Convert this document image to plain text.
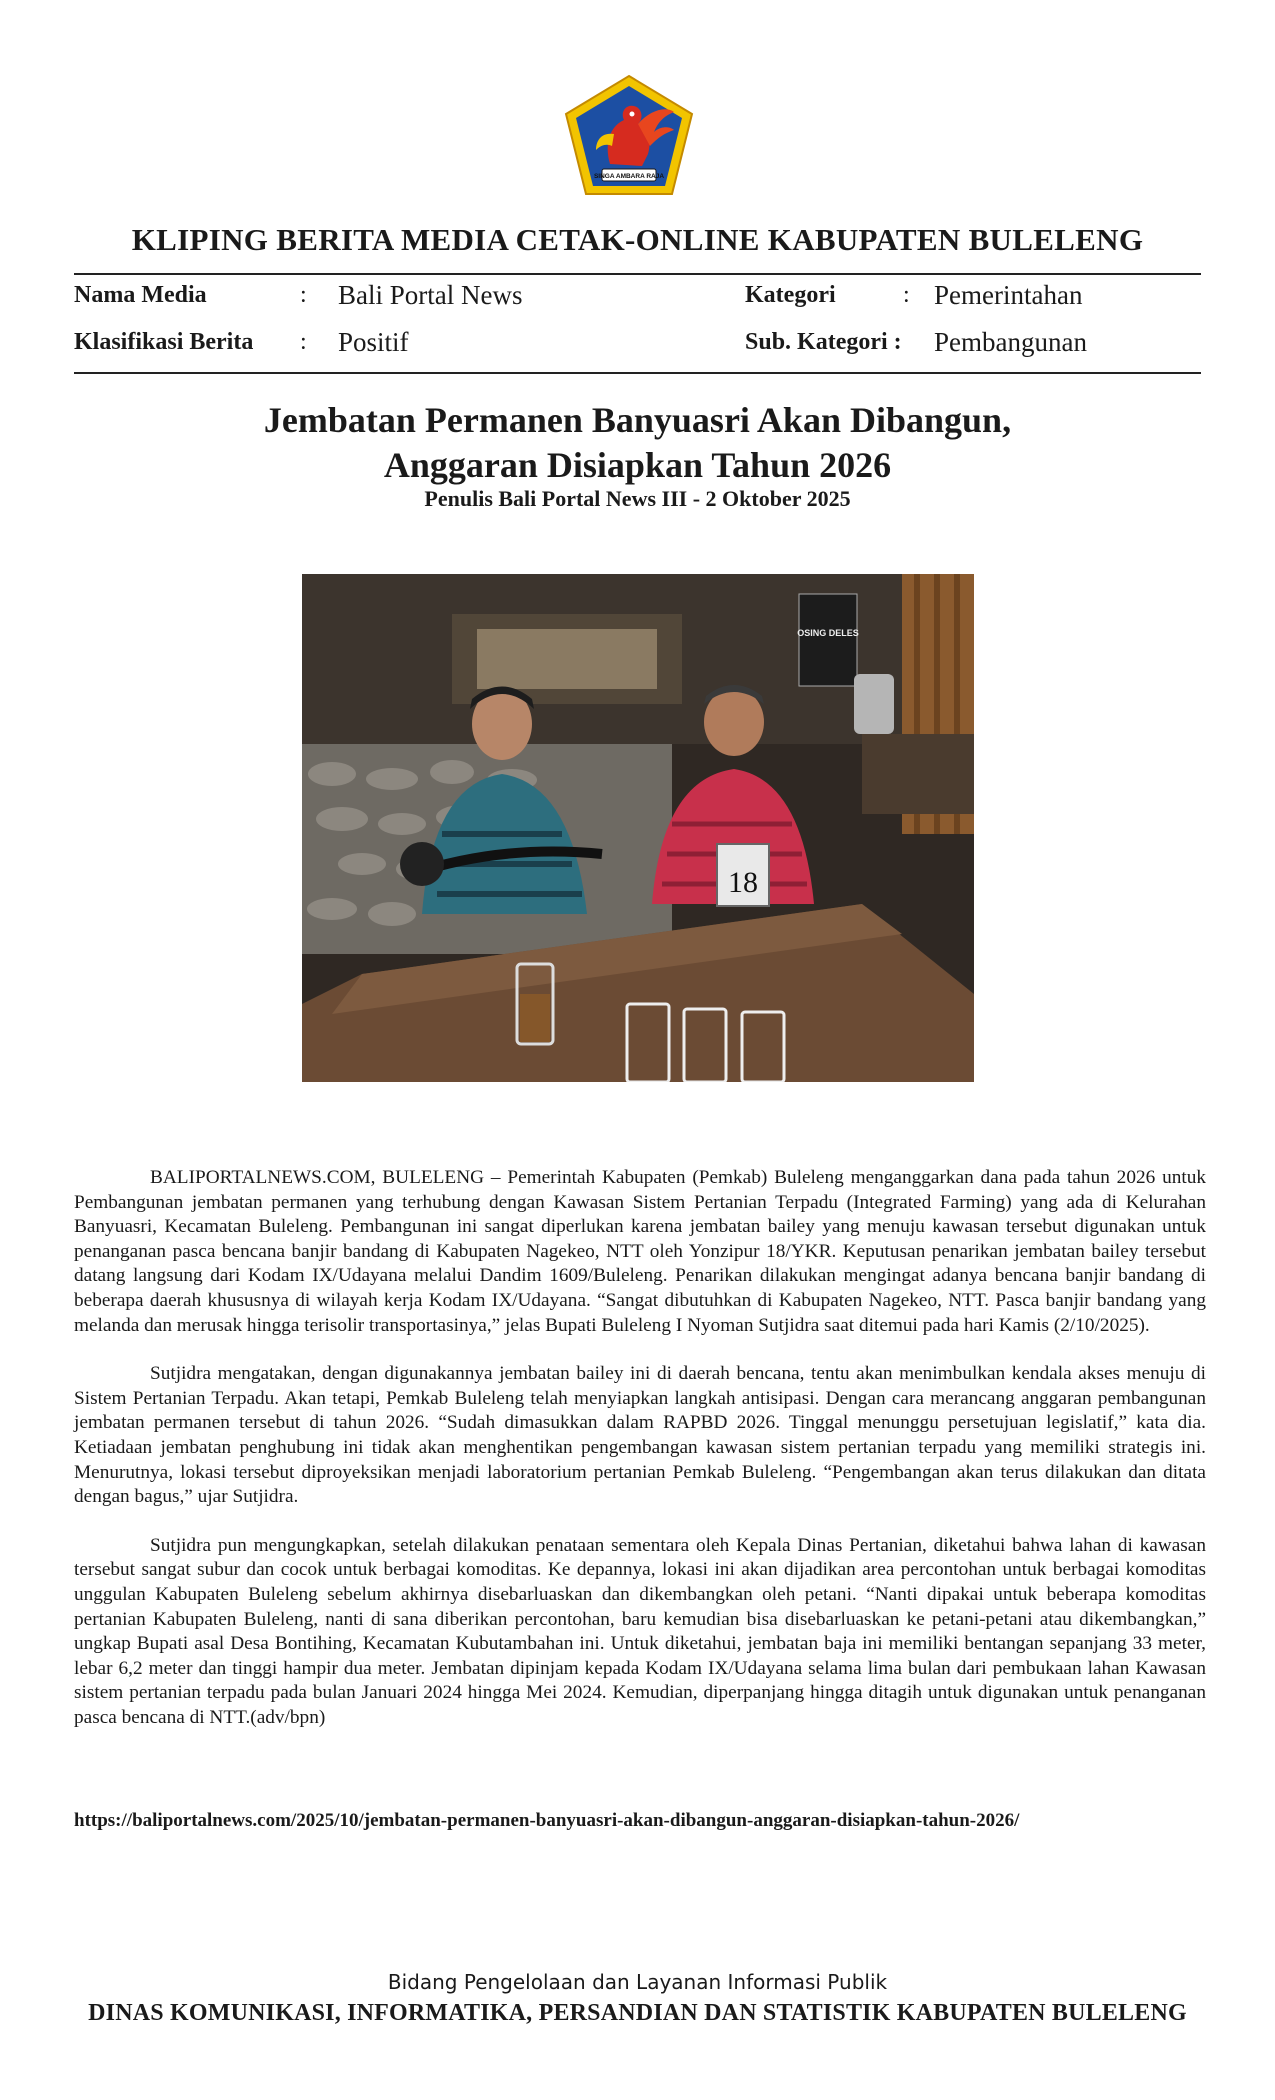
SINGA AMBARA RAJA
KLIPING BERITA MEDIA CETAK-ONLINE KABUPATEN BULELENG
Nama Media	: Bali Portal News	Kategori	: Pemerintahan
Klasifikasi Berita : Positif	Sub. Kategori : Pembangunan
Jembatan Permanen Banyuasri Akan Dibangun,
Anggaran Disiapkan Tahun 2026
Penulis Bali Portal News III - 2 Oktober 2025
OSING DELES
18

BALIPORTALNEWS.COM, BULELENG – Pemerintah Kabupaten (Pemkab) Buleleng menganggarkan dana pada tahun 2026 untuk Pembangunan jembatan permanen yang terhubung dengan Kawasan Sistem Pertanian Terpadu (Integrated Farming) yang ada di Kelurahan Banyuasri, Kecamatan Buleleng. Pembangunan ini sangat diperlukan karena jembatan bailey yang menuju kawasan tersebut digunakan untuk penanganan pasca bencana banjir bandang di Kabupaten Nagekeo, NTT oleh Yonzipur 18/YKR. Keputusan penarikan jembatan bailey tersebut datang langsung dari Kodam IX/Udayana melalui Dandim 1609/Buleleng. Penarikan dilakukan mengingat adanya bencana banjir bandang di beberapa daerah khususnya di wilayah kerja Kodam IX/Udayana. “Sangat dibutuhkan di Kabupaten Nagekeo, NTT. Pasca banjir bandang yang melanda dan merusak hingga terisolir transportasinya,” jelas Bupati Buleleng I Nyoman Sutjidra saat ditemui pada hari Kamis (2/10/2025).

Sutjidra mengatakan, dengan digunakannya jembatan bailey ini di daerah bencana, tentu akan menimbulkan kendala akses menuju di Sistem Pertanian Terpadu. Akan tetapi, Pemkab Buleleng telah menyiapkan langkah antisipasi. Dengan cara merancang anggaran pembangunan jembatan permanen tersebut di tahun 2026. “Sudah dimasukkan dalam RAPBD 2026. Tinggal menunggu persetujuan legislatif,” kata dia. Ketiadaan jembatan penghubung ini tidak akan menghentikan pengembangan kawasan sistem pertanian terpadu yang memiliki strategis ini. Menurutnya, lokasi tersebut diproyeksikan menjadi laboratorium pertanian Pemkab Buleleng. “Pengembangan akan terus dilakukan dan ditata dengan bagus,” ujar Sutjidra.

Sutjidra pun mengungkapkan, setelah dilakukan penataan sementara oleh Kepala Dinas Pertanian, diketahui bahwa lahan di kawasan tersebut sangat subur dan cocok untuk berbagai komoditas. Ke depannya, lokasi ini akan dijadikan area percontohan untuk berbagai komoditas unggulan Kabupaten Buleleng sebelum akhirnya disebarluaskan dan dikembangkan oleh petani. “Nanti dipakai untuk beberapa komoditas pertanian Kabupaten Buleleng, nanti di sana diberikan percontohan, baru kemudian bisa disebarluaskan ke petani-petani atau dikembangkan,” ungkap Bupati asal Desa Bontihing, Kecamatan Kubutambahan ini. Untuk diketahui, jembatan baja ini memiliki bentangan sepanjang 33 meter, lebar 6,2 meter dan tinggi hampir dua meter. Jembatan dipinjam kepada Kodam IX/Udayana selama lima bulan dari pembukaan lahan Kawasan sistem pertanian terpadu pada bulan Januari 2024 hingga Mei 2024. Kemudian, diperpanjang hingga ditagih untuk digunakan untuk penanganan pasca bencana di NTT.(adv/bpn)

https://baliportalnews.com/2025/10/jembatan-permanen-banyuasri-akan-dibangun-anggaran-disiapkan-tahun-2026/
Bidang Pengelolaan dan Layanan Informasi Publik
DINAS KOMUNIKASI, INFORMATIKA, PERSANDIAN DAN STATISTIK KABUPATEN BULELENG
